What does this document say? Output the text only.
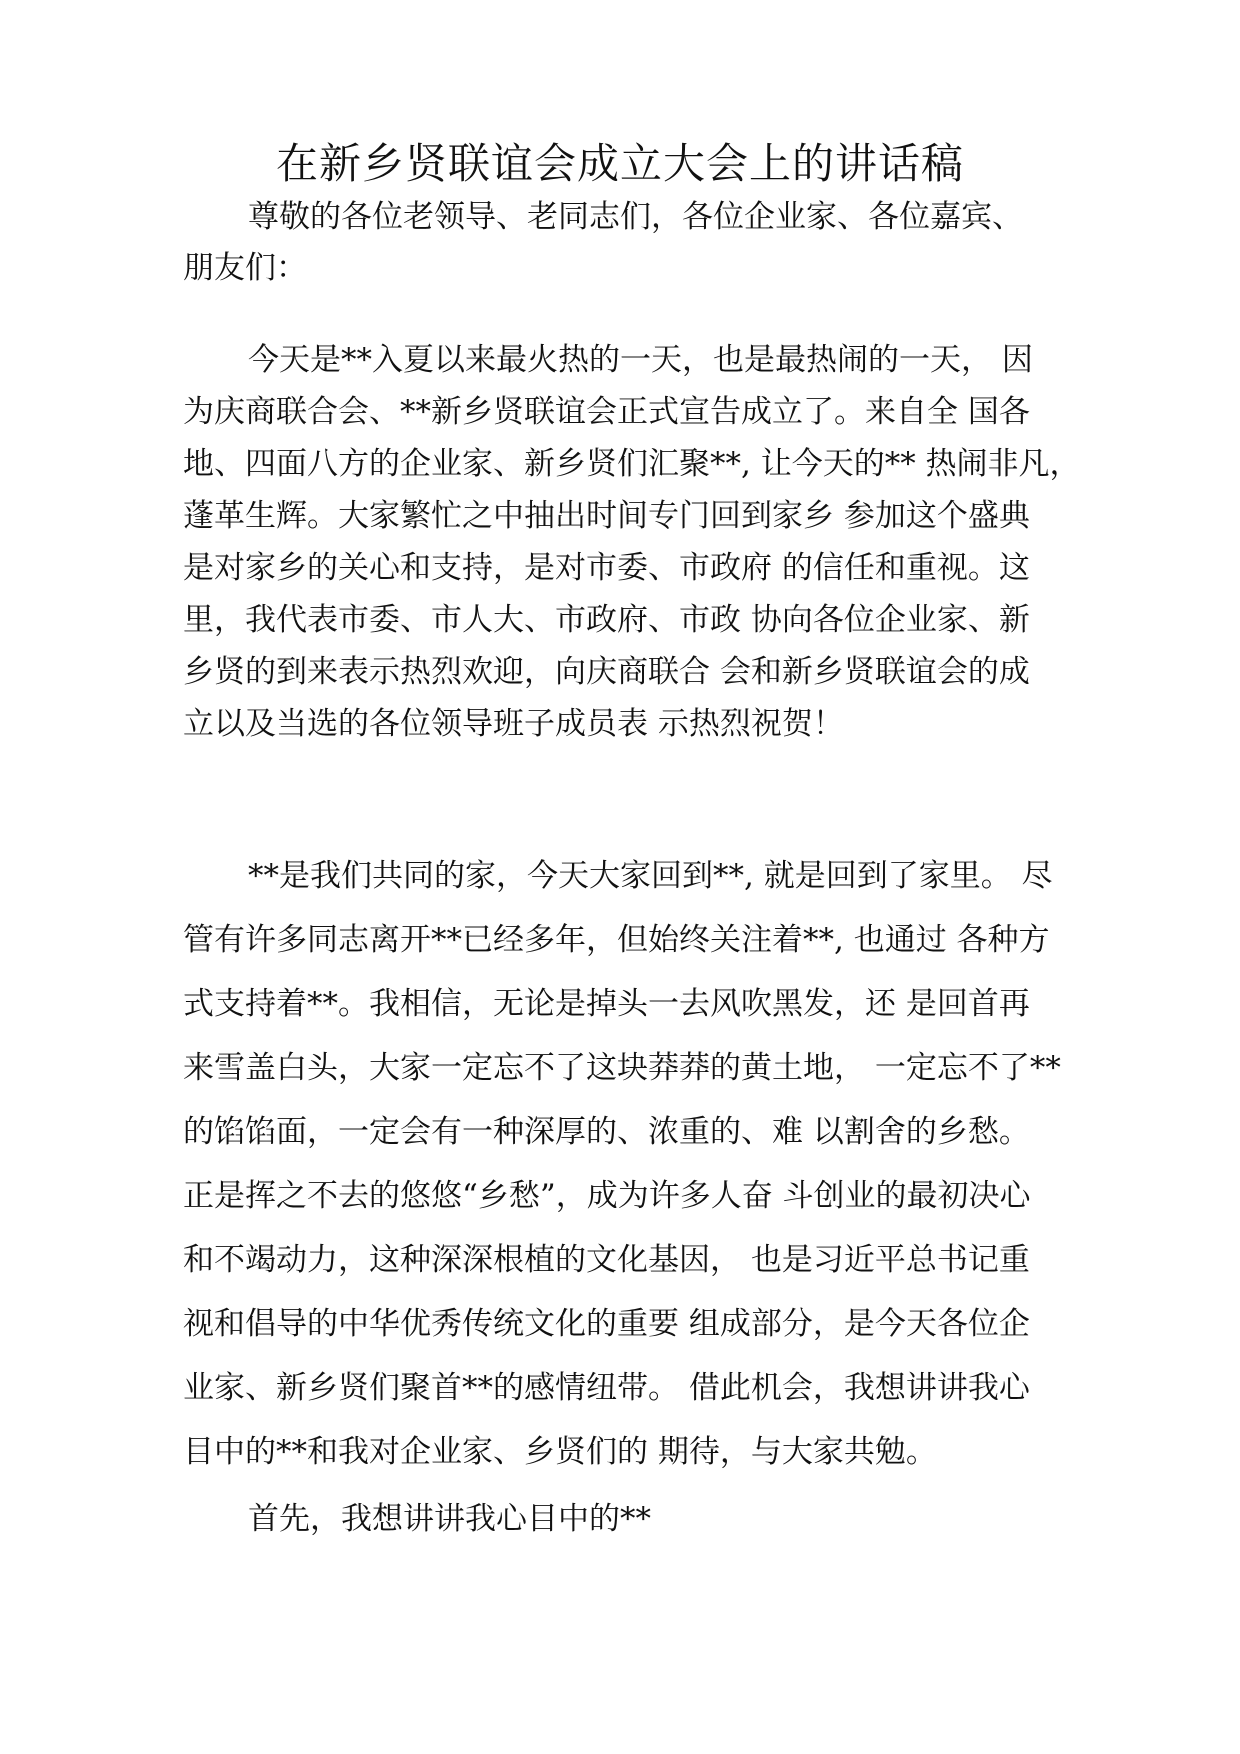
在新乡贤联谊会成立大会上的讲话稿
尊敬的各位老领导、老同志们，各位企业家、各位嘉宾、
朋友们：
今天是**入夏以来最火热的一天，也是最热闹的一天， 因
为庆商联合会、**新乡贤联谊会正式宣告成立了。来自全 国各
地、四面八方的企业家、新乡贤们汇聚**, 让今天的** 热闹非凡，
蓬革生辉。大家繁忙之中抽出时间专门回到家乡 参加这个盛典
是对家乡的关心和支持，是对市委、市政府 的信任和重视。这
里，我代表市委、市人大、市政府、市政 协向各位企业家、新
乡贤的到来表示热烈欢迎，向庆商联合 会和新乡贤联谊会的成
立以及当选的各位领导班子成员表 示热烈祝贺！
**是我们共同的家，今天大家回到**, 就是回到了家里。 尽
管有许多同志离开**已经多年，但始终关注着**, 也通过 各种方
式支持着**。我相信，无论是掉头一去风吹黑发，还 是回首再
来雪盖白头，大家一定忘不了这块莽莽的黄土地， 一定忘不了**
的馅馅面，一定会有一种深厚的、浓重的、难 以割舍的乡愁。
正是挥之不去的悠悠“乡愁”，成为许多人奋 斗创业的最初决心
和不竭动力，这种深深根植的文化基因， 也是习近平总书记重
视和倡导的中华优秀传统文化的重要 组成部分，是今天各位企
业家、新乡贤们聚首**的感情纽带。 借此机会，我想讲讲我心
目中的**和我对企业家、乡贤们的 期待，与大家共勉。
首先，我想讲讲我心目中的**
